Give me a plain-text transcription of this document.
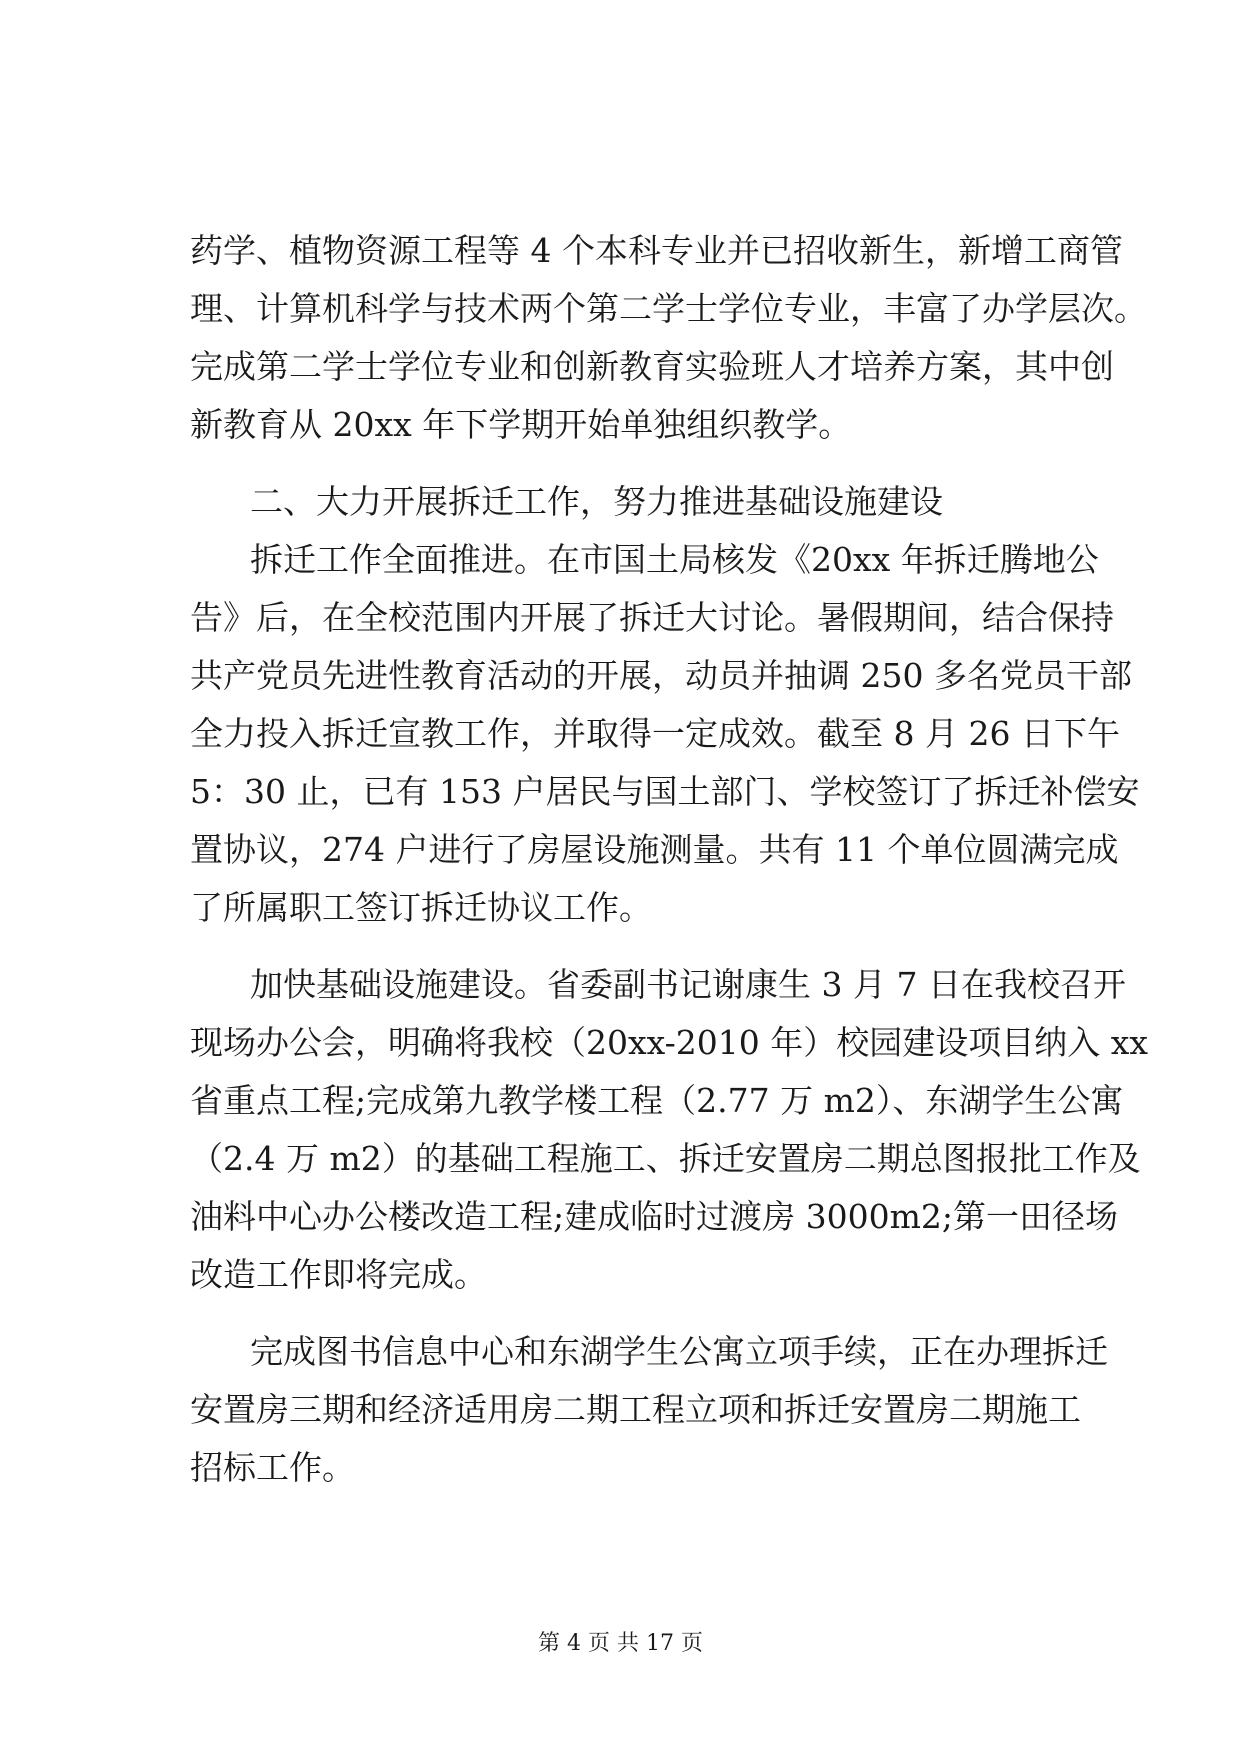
药学、植物资源工程等 4 个本科专业并已招收新生，新增工商管
理、计算机科学与技术两个第二学士学位专业，丰富了办学层次。
完成第二学士学位专业和创新教育实验班人才培养方案，其中创
新教育从 20xx 年下学期开始单独组织教学。
二、大力开展拆迁工作，努力推进基础设施建设
拆迁工作全面推进。在市国土局核发《20xx 年拆迁腾地公
告》后，在全校范围内开展了拆迁大讨论。暑假期间，结合保持
共产党员先进性教育活动的开展，动员并抽调 250 多名党员干部
全力投入拆迁宣教工作，并取得一定成效。截至 8 月 26 日下午
5：30 止，已有 153 户居民与国土部门、学校签订了拆迁补偿安
置协议，274 户进行了房屋设施测量。共有 11 个单位圆满完成
了所属职工签订拆迁协议工作。
加快基础设施建设。省委副书记谢康生 3 月 7 日在我校召开
现场办公会，明确将我校（20xx-2010 年）校园建设项目纳入 xx
省重点工程;完成第九教学楼工程（2.77 万 m2）、东湖学生公寓
（2.4 万 m2）的基础工程施工、拆迁安置房二期总图报批工作及
油料中心办公楼改造工程;建成临时过渡房 3000m2;第一田径场
改造工作即将完成。
完成图书信息中心和东湖学生公寓立项手续，正在办理拆迁
安置房三期和经济适用房二期工程立项和拆迁安置房二期施工
招标工作。
第 4 页 共 17 页
